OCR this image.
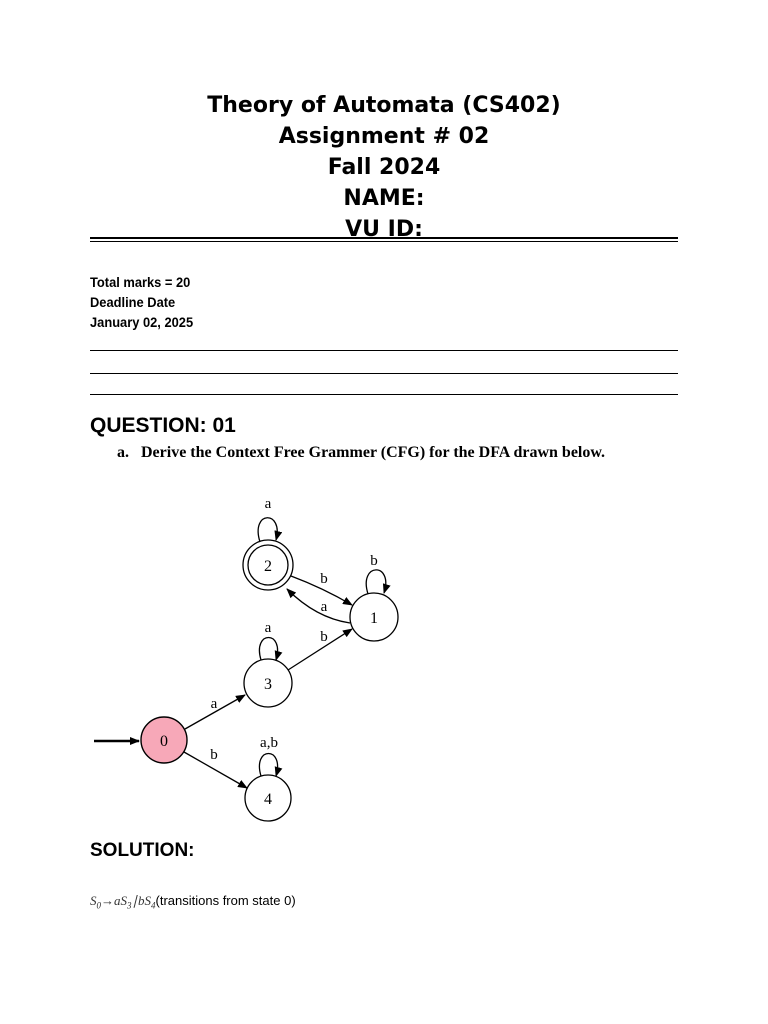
Theory of Automata (CS402)
Assignment # 02
Fall 2024
NAME:
VU ID:
Total marks = 20
Deadline Date
January 02, 2025
QUESTION: 01
a. Derive the Context Free Grammer (CFG) for the DFA drawn below.
2
a
1
b
b
a
3
a
b
0
a
4
a,b
b
SOLUTION:
$S_0\to aS_3∣bS_4(transitions$ from state 0)
